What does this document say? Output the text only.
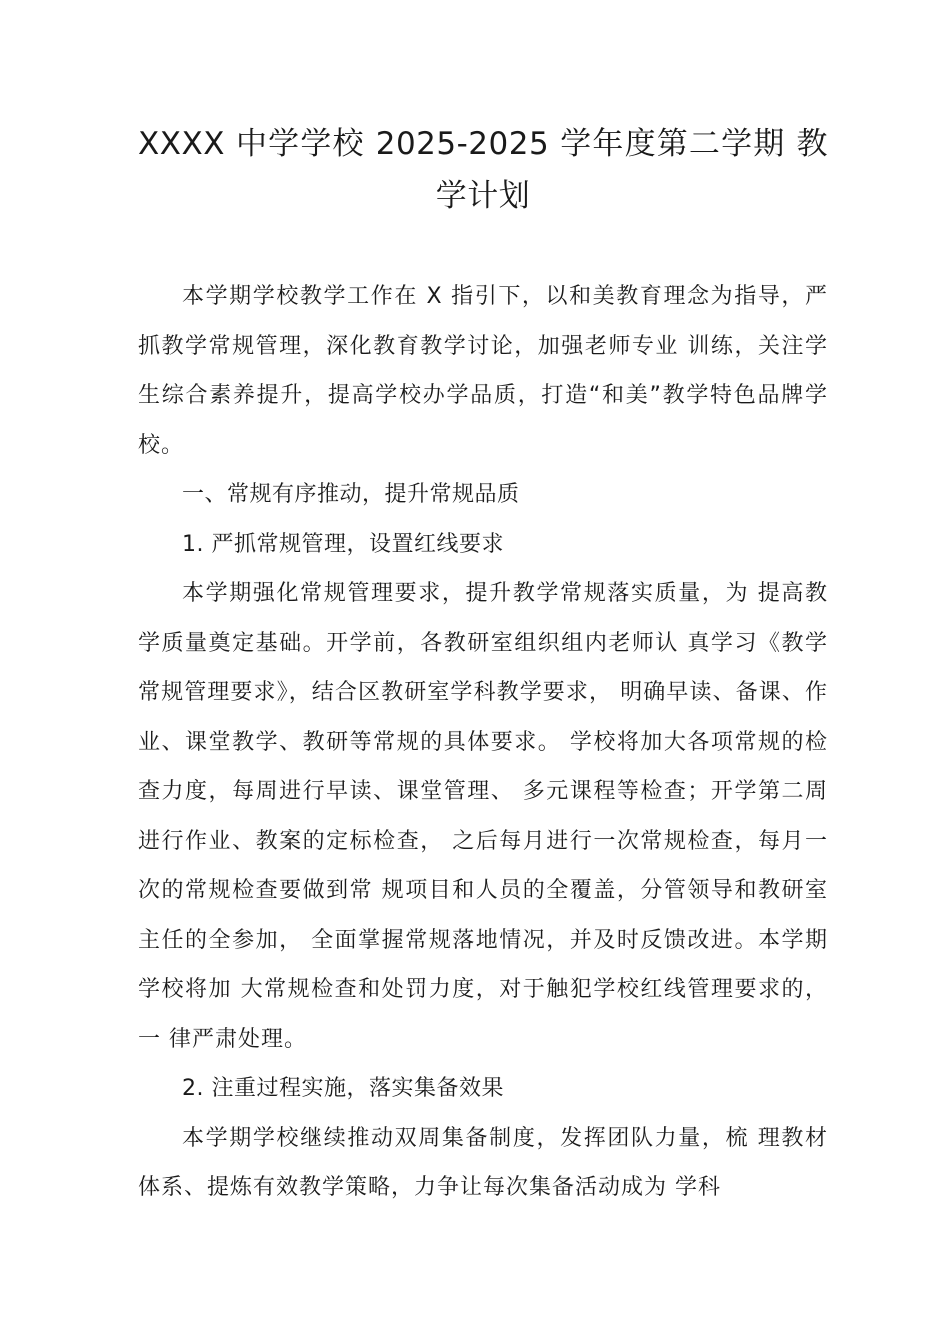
XXXX 中学学校 2025-2025 学年度第二学期 教
学计划

本学期学校教学工作在 X 指引下，以和美教育理念为指导，严抓教学常规管理，深化教育教学讨论，加强老师专业 训练，关注学生综合素养提升，提高学校办学品质，打造“和美”教学特色品牌学校。

一、常规有序推动，提升常规品质

1. 严抓常规管理，设置红线要求

本学期强化常规管理要求，提升教学常规落实质量，为 提高教学质量奠定基础。开学前，各教研室组织组内老师认 真学习《教学常规管理要求》，结合区教研室学科教学要求， 明确早读、备课、作业、课堂教学、教研等常规的具体要求。 学校将加大各项常规的检查力度，每周进行早读、课堂管理、 多元课程等检查；开学第二周进行作业、教案的定标检查， 之后每月进行一次常规检查，每月一次的常规检查要做到常 规项目和人员的全覆盖，分管领导和教研室主任的全参加， 全面掌握常规落地情况，并及时反馈改进。本学期学校将加 大常规检查和处罚力度，对于触犯学校红线管理要求的，一 律严肃处理。

2. 注重过程实施，落实集备效果

本学期学校继续推动双周集备制度，发挥团队力量，梳 理教材体系、提炼有效教学策略，力争让每次集备活动成为 学科
